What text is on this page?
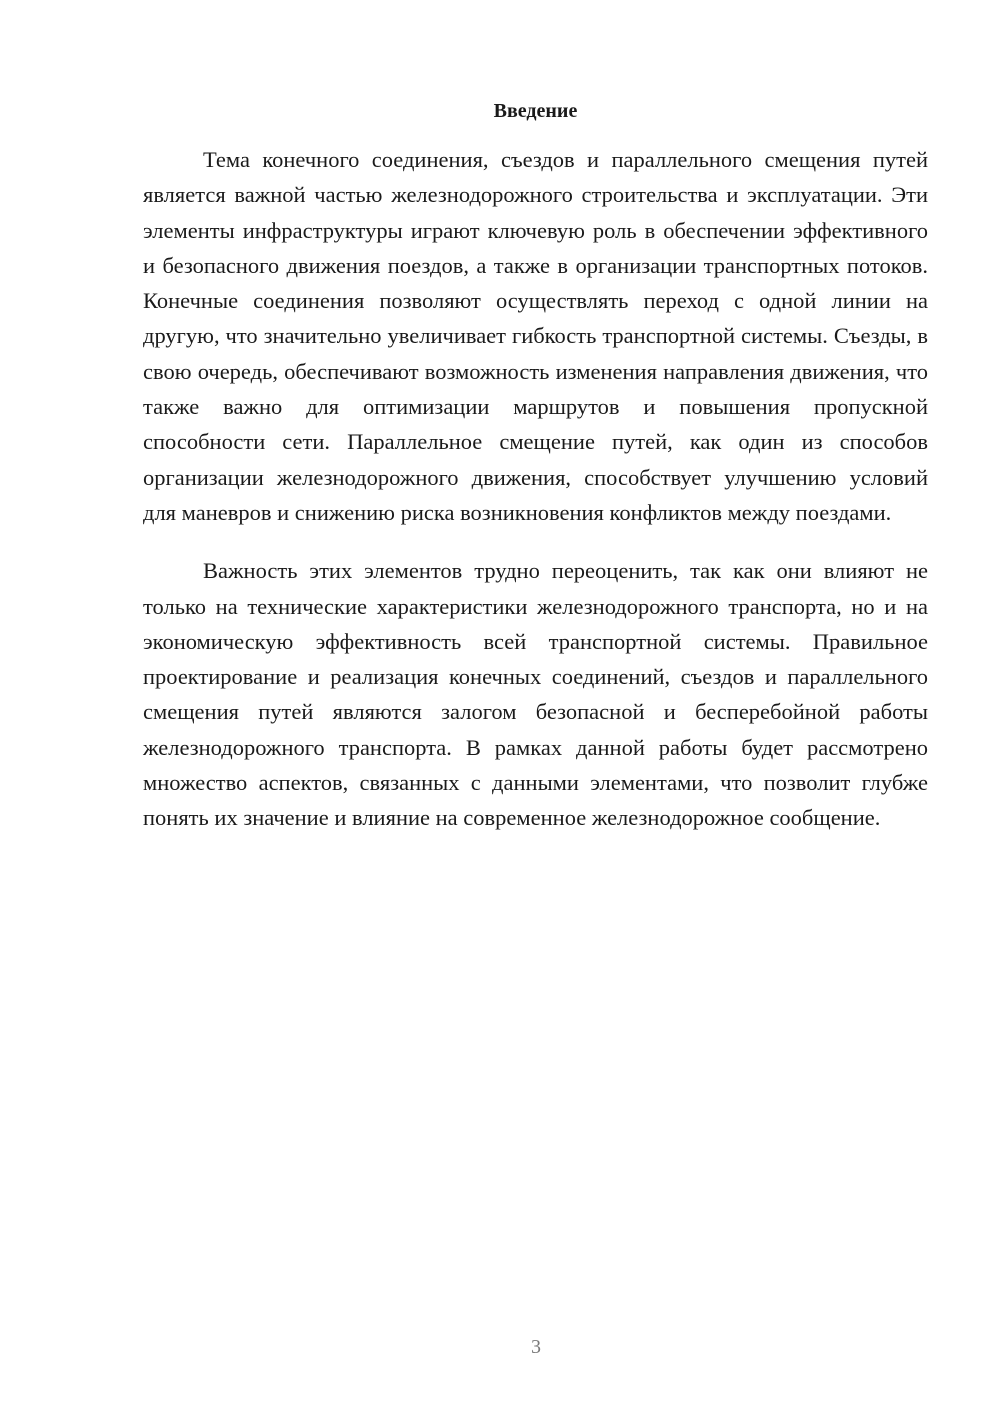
Введение

Тема конечного соединения, съездов и параллельного смещения путей является важной частью железнодорожного строительства и эксплуатации. Эти элементы инфраструктуры играют ключевую роль в обеспечении эффективного и безопасного движения поездов, а также в организации транспортных потоков. Конечные соединения позволяют осуществлять переход с одной линии на другую, что значительно увеличивает гибкость транспортной системы. Съезды, в свою очередь, обеспечивают возможность изменения направления движения, что также важно для оптимизации маршрутов и повышения пропускной способности сети. Параллельное смещение путей, как один из способов организации железнодорожного движения, способствует улучшению условий для маневров и снижению риска возникновения конфликтов между поездами.

Важность этих элементов трудно переоценить, так как они влияют не только на технические характеристики железнодорожного транспорта, но и на экономическую эффективность всей транспортной системы. Правильное проектирование и реализация конечных соединений, съездов и параллельного смещения путей являются залогом безопасной и бесперебойной работы железнодорожного транспорта. В рамках данной работы будет рассмотрено множество аспектов, связанных с данными элементами, что позволит глубже понять их значение и влияние на современное железнодорожное сообщение.

3
